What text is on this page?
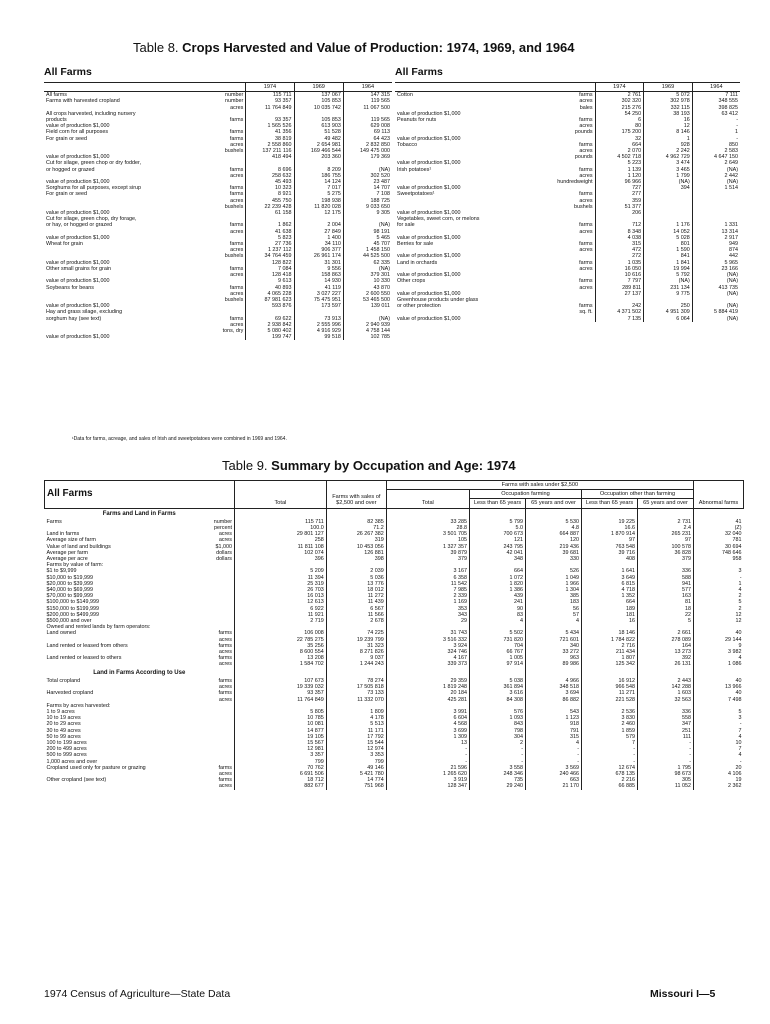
Table 8. Crops Harvested and Value of Production: 1974, 1969, and 1964
All Farms
	1974	1969	1964
All farms number	115 711	137 067	147 315
Farms with harvested cropland number	93 357	105 853	119 565

acres	11 764 849	10 035 742	11 067 500

All crops harvested, including nursery			
products farms	93 357	105 853	119 565
value of production $1,000	1 565 526	613 903	629 008
Field corn for all purposes farms	41 356	51 528	69 113
For grain or seed farms	38 819	49 482	64 423

acres	2 558 860	2 654 981	2 832 850

bushels	137 211 116	169 466 544	149 475 000
value of production $1,000	418 494	203 360	179 369
Cut for silage, green chop or dry fodder,			
or hogged or grazed farms	8 696	8 209	(NA)

acres	258 632	186 755	302 520
value of production $1,000	45 493	14 124	23 487

Sorghums for all purposes, except sirup farms	10 323	7 017	14 707
For grain or seed farms	8 921	5 275	7 108

acres	455 750	198 938	188 725

bushels	22 239 428	11 820 028	9 033 650
value of production $1,000	61 158	12 175	9 305
Cut for silage, green chop, dry forage,			
or hay, or hogged or grazed farms	1 862	2 004	(NA)

acres	41 638	27 849	98 191
value of production $1,000	5 823	1 400	5 465

Wheat for grain farms	27 736	34 110	45 707

acres	1 237 112	906 377	1 458 150

bushels	34 764 459	26 961 174	44 525 500
value of production $1,000	128 822	31 301	62 335
Other small grains for grain farms	7 084	9 556	(NA)

acres	128 418	158 863	379 301
value of production $1,000	9 613	14 930	10 330

Soybeans for beans farms	40 893	41 119	43 870

acres	4 065 228	3 027 227	2 600 550

bushels	87 981 623	75 475 951	53 465 500
value of production $1,000	593 876	173 597	139 011
Hay and grass silage, excluding			
sorghum hay (see text) farms	69 622	73 913	(NA)

acres	2 938 842	2 555 996	2 940 939

tons, dry	5 080 402	4 916 929	4 758 144
value of production $1,000	199 747	99 518	102 785
All Farms
	1974	1969	1964
Cotton farms	2 761	5 072	7 111

acres	302 320	302 978	348 555

bales	215 276	332 115	398 825
value of production $1,000	54 250	38 193	63 412
Peanuts for nuts farms	6	16	-

acres	80	12	-

pounds	175 200	8 146	1
value of production $1,000	32	1	-

Tobacco farms	664	928	850

acres	2 070	2 242	2 583

pounds	4 502 718	4 962 729	4 647 150
value of production $1,000	5 223	3 474	2 649

Irish potatoes¹ farms	1 139	3 465	(NA)

acres	1 120	1 799	2 442

hundredweight	96 966	(NA)	(NA)
value of production $1,000	727	394	1 514
Sweetpotatoes¹ farms	277		

acres	359		

bushels	51 377		
value of production $1,000	206		

Vegetables, sweet corn, or melons			
for sale farms	712	1 176	1 331

acres	8 348	14 052	13 314
value of production $1,000	4 038	5 028	2 917

Berries for sale farms	315	801	949

acres	472	1 590	874
value of production $1,000	272	841	442
Land in orchards farms	1 035	1 841	5 965

acres	16 050	19 994	23 166
value of production $1,000	10 616	5 792	(NA)

Other crops farms	7 797	(NA)	(NA)

acres	289 811	231 134	413 735
value of production $1,000	27 137	9 775	(NA)
Greenhouse products under glass			
or other protection farms	242	250	(NA)

sq. ft.	4 371 502	4 951 309	5 884 419
value of production $1,000	7 135	6 064	(NA)
¹Data for farms, acreage, and sales of Irish and sweetpotatoes were combined in 1969 and 1964.
Table 9. Summary by Occupation and Age: 1974
All Farms	Total	Farms with sales of $2,500 and over	Farms with sales under $2,500					Abnormal farms
			Total	Occupation farming		Occupation other than farming		
				Less than 65 years	65 years and over	Less than 65 years	65 years and over	
Farms and Land in Farms								
Farms number	115 711	82 385	33 285	5 799	5 530	19 225	2 731	41

percent	100.0	71.2	28.8	5.0	4.8	16.6	2.4	(Z)
Land in farms acres	29 801 127	26 267 382	3 501 705	700 673	664 887	1 870 914	265 231	32 040
Average size of farm acres	258	319	105	121	120	97	97	781

Value of land and buildings $1,000	11 811 108	10 453 056	1 327 357	243 795	219 436	763 548	100 578	30 694
Average per farm dollars	102 074	126 881	39 879	42 041	39 681	39 716	36 828	748 646
Average per acre dollars	396	398	379	348	330	408	379	958
Farms by value of farm:								
$1 to $9,999	5 209	2 039	3 167	664	526	1 641	336	3
$10,000 to $19,999	11 394	5 036	6 358	1 072	1 049	3 649	588	-
$20,000 to $39,999	25 319	13 776	11 542	1 820	1 966	6 815	941	1
$40,000 to $69,999	26 703	18 012	7 985	1 386	1 304	4 718	577	4
$70,000 to $99,999	16 013	11 272	2 339	439	385	1 352	163	2
$100,000 to $149,999	12 613	11 439	1 169	241	183	664	81	5
$150,000 to $199,999	6 922	6 567	353	90	56	189	18	2
$200,000 to $499,999	11 921	11 566	343	83	57	181	22	12
$500,000 and over	2 719	2 678	29	4	4	16	5	12

Owned and rented lands by farm operators:								
Land owned farms	106 008	74 225	31 743	5 502	5 434	18 146	2 661	40

acres	22 785 275	19 239 799	3 516 332	731 820	721 601	1 784 822	278 089	29 144
Land rented or leased from others farms	35 256	31 323	3 924	704	340	2 716	164	9

acres	8 600 554	8 271 826	324 746	66 767	33 272	211 434	13 273	3 982
Land rented or leased to others farms	13 208	9 037	4 167	1 005	963	1 807	392	4

acres	1 584 702	1 244 243	339 373	97 914	89 986	125 342	26 131	1 086
Land in Farms According to Use								
Total cropland farms	107 673	78 274	29 359	5 038	4 966	16 912	2 443	40

acres	19 339 032	17 505 818	1 819 248	361 894	348 518	966 548	142 288	13 966

Harvested cropland farms	93 357	73 133	20 184	3 616	3 694	11 271	1 603	40

acres	11 764 849	11 332 070	425 281	84 308	86 882	221 528	32 563	7 498
Farms by acres harvested:								
1 to 9 acres	5 805	1 809	3 991	576	543	2 536	336	5
10 to 19 acres	10 785	4 178	6 604	1 093	1 123	3 830	558	3
20 to 29 acres	10 081	5 513	4 568	843	918	2 460	347	-
30 to 49 acres	14 877	11 171	3 699	798	791	1 859	251	7
50 to 99 acres	19 105	17 792	1 309	304	315	579	111	4
100 to 199 acres	15 567	15 544	13	2	4	7	-	10
200 to 499 acres	12 981	12 974	-	-	-	-	-	7
500 to 999 acres	3 357	3 353	-	-	-	-	-	4
1,000 acres and over	799	799	-	-	-	-	-	-

Cropland used only for pasture or grazing farms	70 762	49 146	21 596	3 558	3 569	12 674	1 795	20

acres	6 691 506	5 421 780	1 265 620	248 346	240 466	678 135	98 673	4 106
Other cropland (see text) farms	18 712	14 774	3 919	735	663	2 216	305	19

acres	882 677	751 968	128 347	29 240	21 170	66 885	11 052	2 362
1974 Census of Agriculture—State Data	Missouri I—5
